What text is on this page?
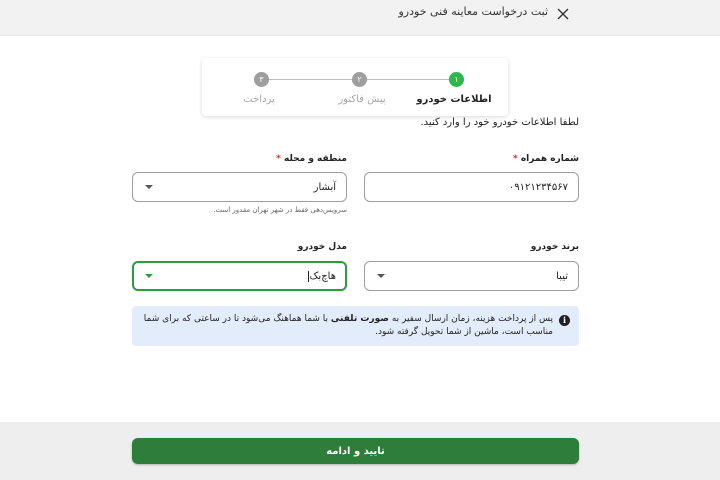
ثبت درخواست معاینه فنی خودرو
۳	۲	۱
پرداخت	پیش فاکتور	اطلاعات خودرو
لطفا اطلاعات خودرو خود را وارد کنید.
شماره همراه *
۰۹۱۲۱۲۳۴۵۶۷
منطقه و محله *
آبشار
سرویس‌دهی فقط در شهر تهران مقدور است.
برند خودرو
تیبا
مدل خودرو
هاچ‌بک
i
پس از پرداخت هزینه، زمان ارسال سفیر به صورت تلفنی با شما هماهنگ می‌شود تا در ساعتی که برای شما مناسب است، ماشین از شما تحویل گرفته شود.
تایید و ادامه
